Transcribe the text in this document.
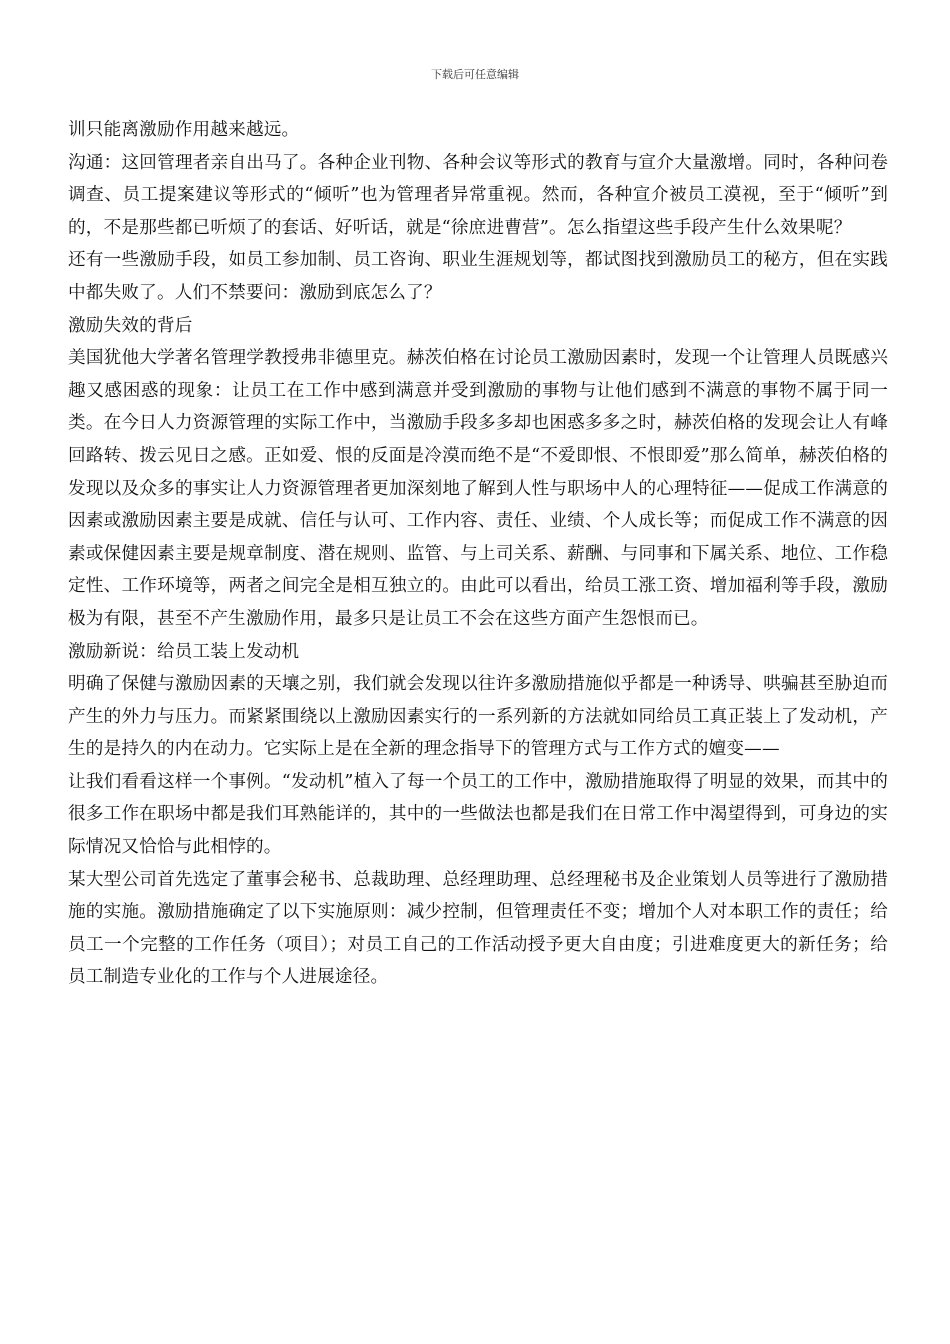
下载后可任意编辑

训只能离激励作用越来越远。

沟通：这回管理者亲自出马了。各种企业刊物、各种会议等形式的教育与宣介大量激增。同时，各种问卷调查、员工提案建议等形式的“倾听”也为管理者异常重视。然而，各种宣介被员工漠视，至于“倾听”到的，不是那些都已听烦了的套话、好听话，就是“徐庶进曹营”。怎么指望这些手段产生什么效果呢？

还有一些激励手段，如员工参加制、员工咨询、职业生涯规划等，都试图找到激励员工的秘方，但在实践中都失败了。人们不禁要问：激励到底怎么了？

激励失效的背后

美国犹他大学著名管理学教授弗非德里克。赫茨伯格在讨论员工激励因素时，发现一个让管理人员既感兴趣又感困惑的现象：让员工在工作中感到满意并受到激励的事物与让他们感到不满意的事物不属于同一类。在今日人力资源管理的实际工作中，当激励手段多多却也困惑多多之时，赫茨伯格的发现会让人有峰回路转、拨云见日之感。正如爱、恨的反面是冷漠而绝不是“不爱即恨、不恨即爱”那么简单，赫茨伯格的发现以及众多的事实让人力资源管理者更加深刻地了解到人性与职场中人的心理特征——促成工作满意的因素或激励因素主要是成就、信任与认可、工作内容、责任、业绩、个人成长等；而促成工作不满意的因素或保健因素主要是规章制度、潜在规则、监管、与上司关系、薪酬、与同事和下属关系、地位、工作稳定性、工作环境等，两者之间完全是相互独立的。由此可以看出，给员工涨工资、增加福利等手段，激励极为有限，甚至不产生激励作用，最多只是让员工不会在这些方面产生怨恨而已。

激励新说：给员工装上发动机

明确了保健与激励因素的天壤之别，我们就会发现以往许多激励措施似乎都是一种诱导、哄骗甚至胁迫而产生的外力与压力。而紧紧围绕以上激励因素实行的一系列新的方法就如同给员工真正装上了发动机，产生的是持久的内在动力。它实际上是在全新的理念指导下的管理方式与工作方式的嬗变——

让我们看看这样一个事例。“发动机”植入了每一个员工的工作中，激励措施取得了明显的效果，而其中的很多工作在职场中都是我们耳熟能详的，其中的一些做法也都是我们在日常工作中渴望得到，可身边的实际情况又恰恰与此相悖的。

某大型公司首先选定了董事会秘书、总裁助理、总经理助理、总经理秘书及企业策划人员等进行了激励措施的实施。激励措施确定了以下实施原则：减少控制，但管理责任不变；增加个人对本职工作的责任；给员工一个完整的工作任务（项目）；对员工自己的工作活动授予更大自由度；引进难度更大的新任务；给员工制造专业化的工作与个人进展途径。
